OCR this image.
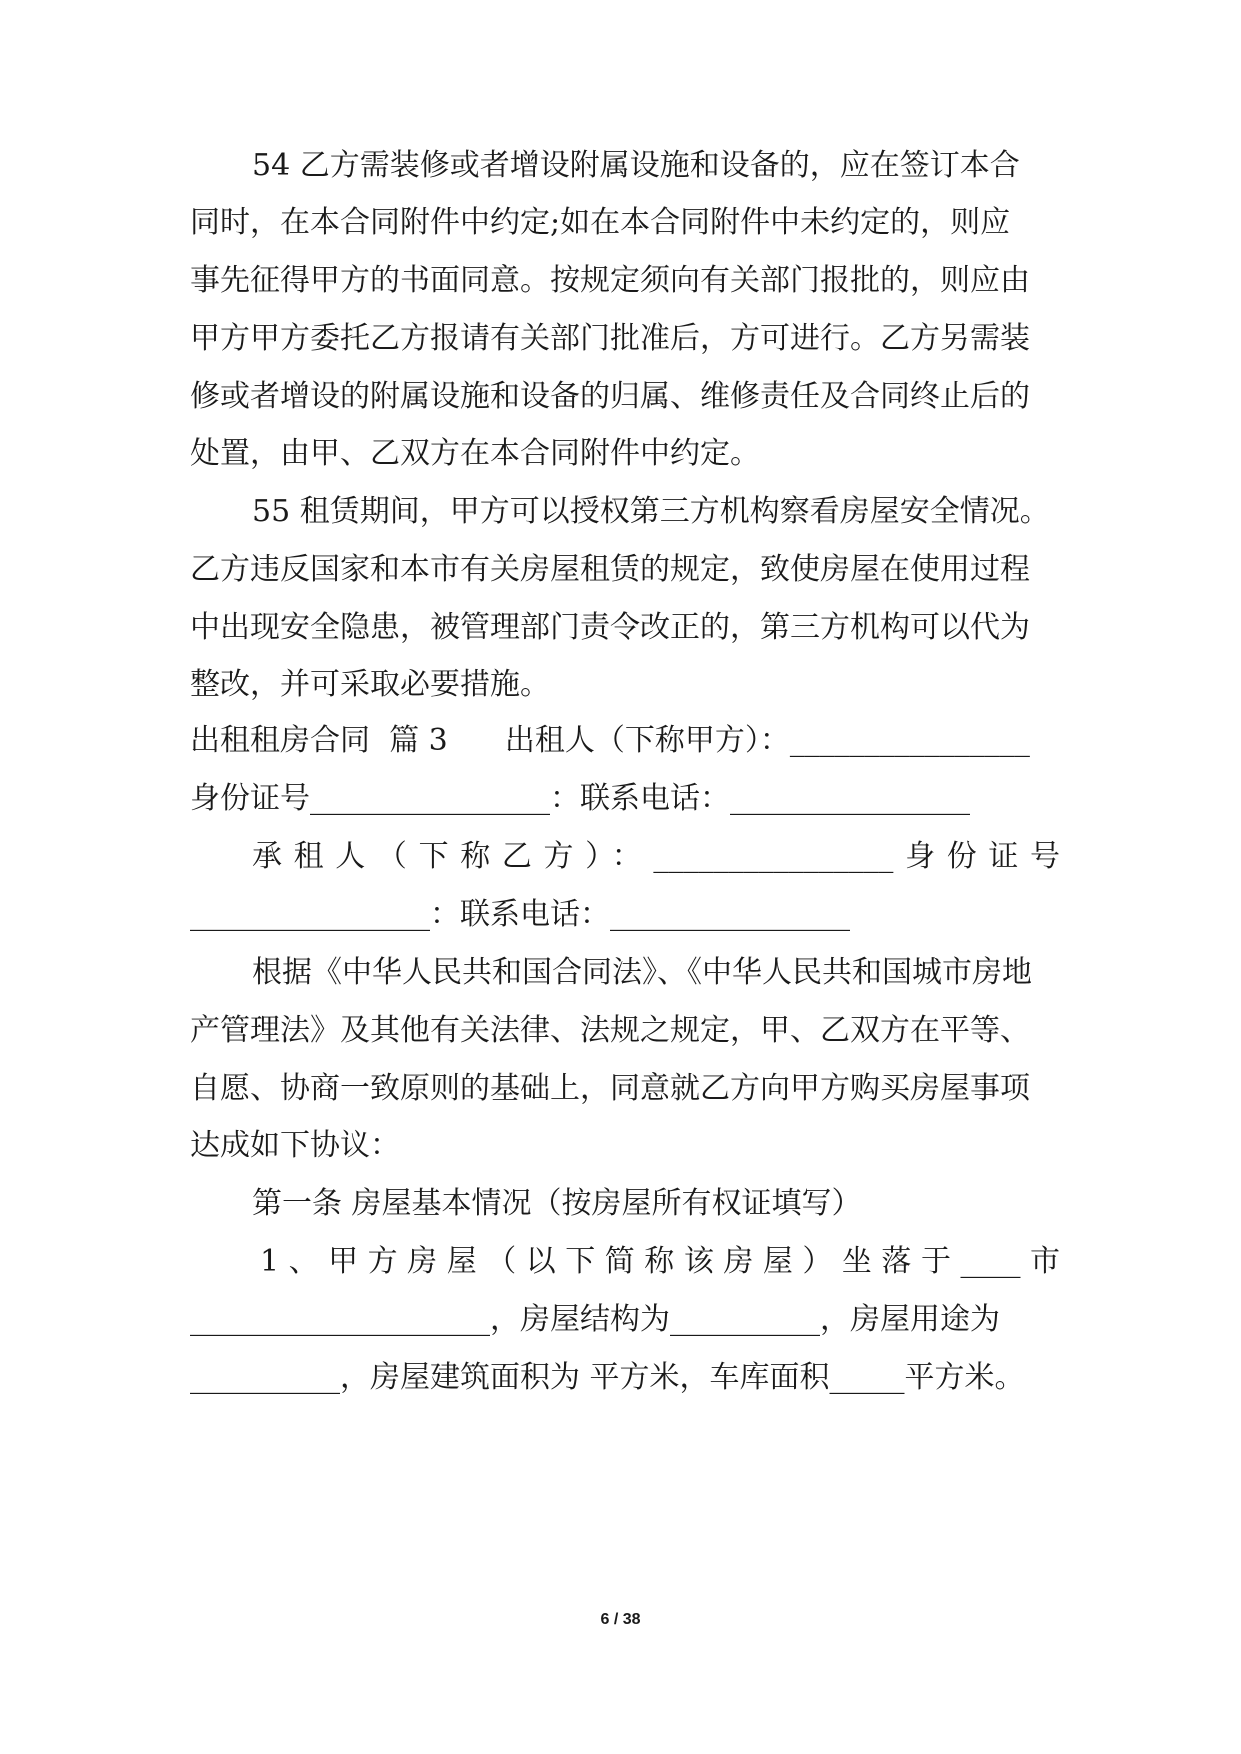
54 乙方需装修或者增设附属设施和设备的，应在签订本合
同时，在本合同附件中约定;如在本合同附件中未约定的，则应
事先征得甲方的书面同意。按规定须向有关部门报批的，则应由
甲方甲方委托乙方报请有关部门批准后，方可进行。乙方另需装
修或者增设的附属设施和设备的归属、维修责任及合同终止后的
处置，由甲、乙双方在本合同附件中约定。
55 租赁期间，甲方可以授权第三方机构察看房屋安全情况。
乙方违反国家和本市有关房屋租赁的规定，致使房屋在使用过程
中出现安全隐患，被管理部门责令改正的，第三方机构可以代为
整改，并可采取必要措施。
出租租房合同  篇 3      出租人（下称甲方）：________________
身份证号________________：联系电话：________________
承租人（下称乙方）：________________身份证号
________________：联系电话：________________
根据《中华人民共和国合同法》、《中华人民共和国城市房地
产管理法》及其他有关法律、法规之规定，甲、乙双方在平等、
自愿、协商一致原则的基础上，同意就乙方向甲方购买房屋事项
达成如下协议：
第一条 房屋基本情况（按房屋所有权证填写）
1、甲方房屋（以下简称该房屋）坐落于____市
____________________，房屋结构为__________，房屋用途为
__________，房屋建筑面积为 平方米，车库面积_____平方米。
6 / 38
